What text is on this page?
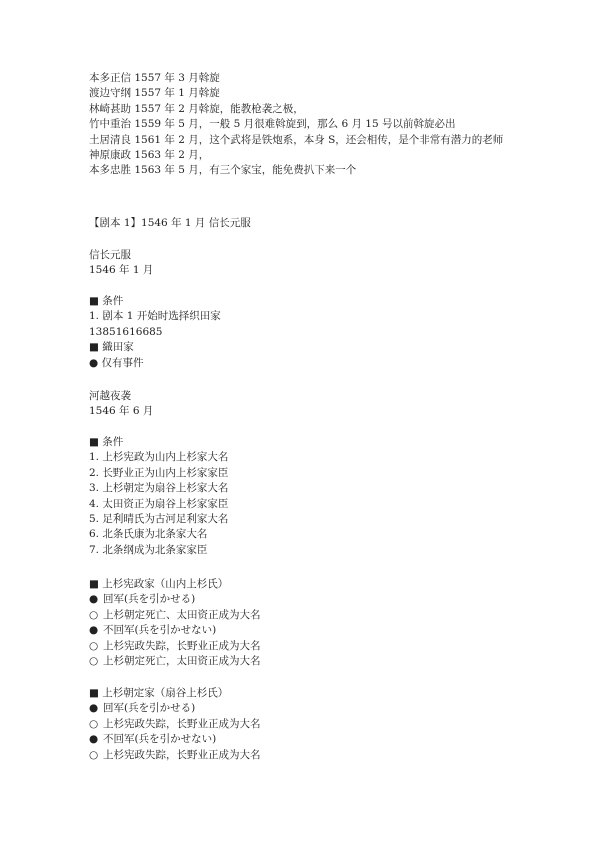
本多正信 1557 年 3 月斡旋
渡边守纲 1557 年 1 月斡旋
林崎甚助 1557 年 2 月斡旋，能教枪袭之极，
竹中重治 1559 年 5 月，一般 5 月很难斡旋到，那么 6 月 15 号以前斡旋必出
土居清良 1561 年 2 月，这个武将是铁炮系，本身 S，还会相传，是个非常有潜力的老师
神原康政 1563 年 2 月，
本多忠胜 1563 年 5 月，有三个家宝，能免费扒下来一个
【剧本 1】1546 年 1 月 信长元服
信长元服
1546 年 1 月
■ 条件
1. 剧本 1 开始时选择织田家
13851616685
■ 織田家
● 仅有事件
河越夜袭
1546 年 6 月
■ 条件
1. 上杉宪政为山内上杉家大名
2. 长野业正为山内上杉家家臣
3. 上杉朝定为扇谷上杉家大名
4. 太田资正为扇谷上杉家家臣
5. 足利晴氏为古河足利家大名
6. 北条氏康为北条家大名
7. 北条纲成为北条家家臣
■ 上杉宪政家（山内上杉氏）
● 回军(兵を引かせる)
○ 上杉朝定死亡、太田资正成为大名
● 不回军(兵を引かせない)
○ 上杉宪政失踪，长野业正成为大名
○ 上杉朝定死亡，太田资正成为大名
■ 上杉朝定家（扇谷上杉氏）
● 回军(兵を引かせる)
○ 上杉宪政失踪，长野业正成为大名
● 不回军(兵を引かせない)
○ 上杉宪政失踪，长野业正成为大名
